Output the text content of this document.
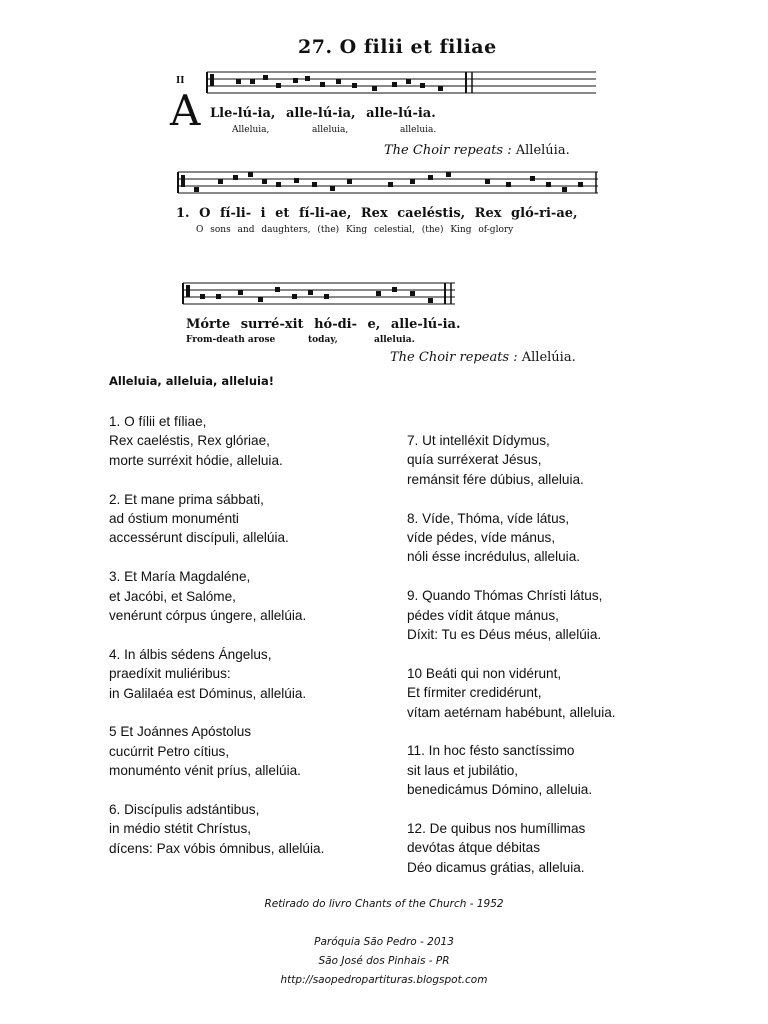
27. O filii et filiae
II
A Lle-lú-ia, alle-lú-ia, alle-lú-ia.
Alleluia,	alleluia,	alleluia.
The Choir repeats : Allelúia.
1. O fí-li- i et fí-li-ae, Rex caeléstis, Rex gló-ri-ae,
O sons and daughters, (the) King celestial, (the) King of-glory
Mórte surré-xit hó-di- e, alle-lú-ia.
From-death arose	today,	alleluia.
The Choir repeats : Allelúia.
Alleluia, alleluia, alleluia!
1. O fílii et fíliae,
Rex caeléstis, Rex glóriae,
morte surréxit hódie, alleluia.
2. Et mane prima sábbati,
ad óstium monuménti
accessérunt discípuli, allelúia.
3. Et María Magdaléne,
et Jacóbi, et Salóme,
venérunt córpus úngere, allelúia.
4. In álbis sédens Ángelus,
praedíxit muliéribus:
in Galilaéa est Dóminus, allelúia.
5 Et Joánnes Apóstolus
cucúrrit Petro cítius,
monuménto vénit príus, allelúia.
6. Discípulis adstántibus,
in médio stétit Chrístus,
dícens: Pax vóbis ómnibus, allelúia.
7. Ut intelléxit Dídymus,
quía surréxerat Jésus,
remánsit fére dúbius, alleluia.
8. Víde, Thóma, víde látus,
víde pédes, víde mánus,
nóli ésse incrédulus, alleluia.
9. Quando Thómas Chrísti látus,
pédes vídit átque mánus,
Díxit: Tu es Déus méus, allelúia.
10 Beáti qui non vidérunt,
Et fírmiter credidérunt,
vítam aetérnam habébunt, alleluia.
11. In hoc fésto sanctíssimo
sit laus et jubilátio,
benedicámus Dómino, alleluia.
12. De quibus nos humíllimas
devótas átque débitas
Déo dicamus grátias, alleluia.
Retirado do livro Chants of the Church - 1952
Paróquia São Pedro - 2013
São José dos Pinhais - PR
http://saopedropartituras.blogspot.com
